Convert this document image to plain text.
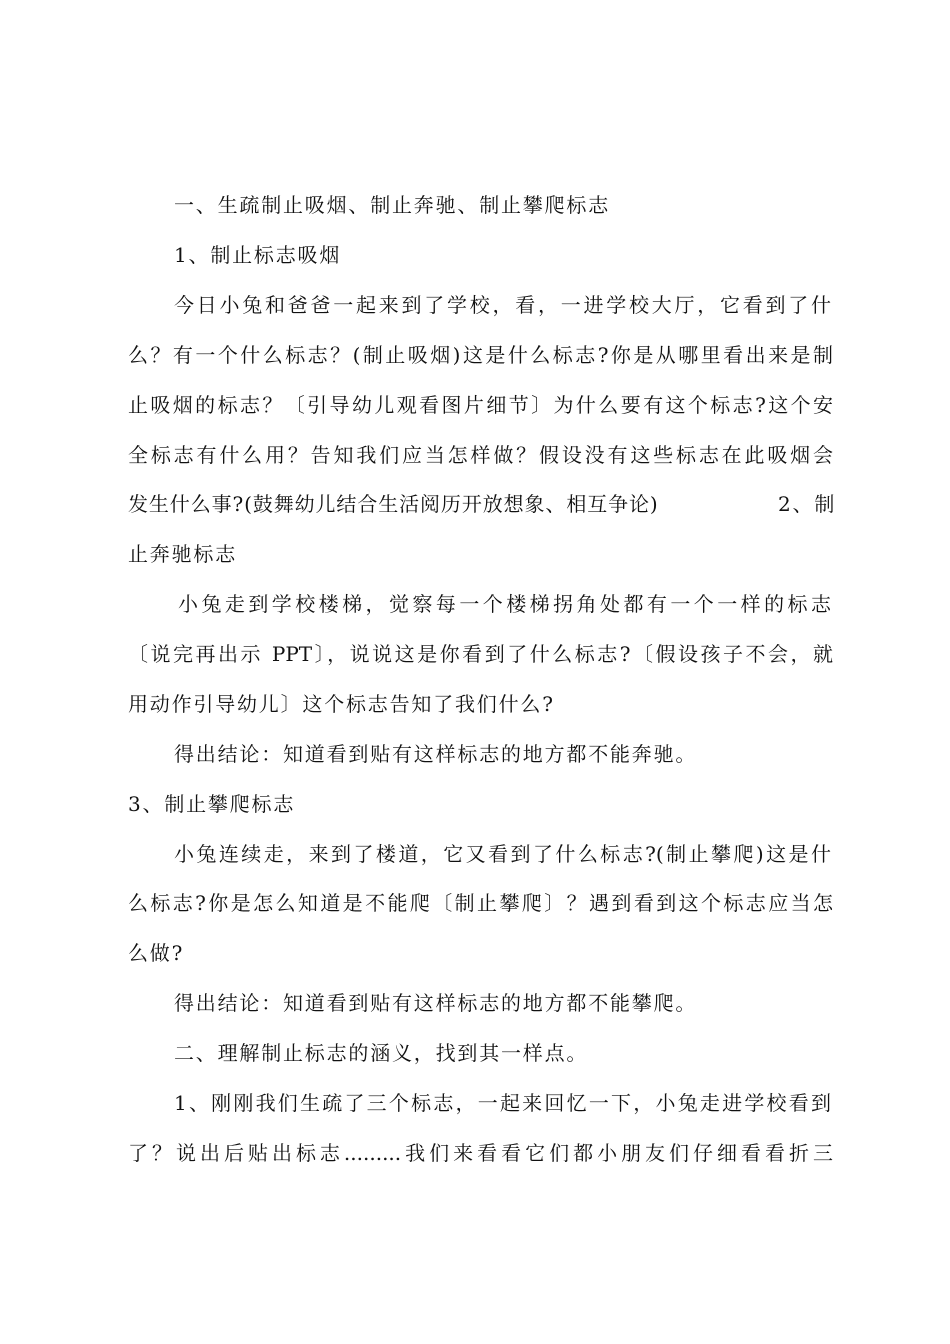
一、生疏制止吸烟、制止奔驰、制止攀爬标志
1、制止标志吸烟
今日小兔和爸爸一起来到了学校，看，一进学校大厅，它看到了什
么？有一个什么标志？(制止吸烟)这是什么标志?你是从哪里看出来是制
止吸烟的标志？〔引导幼儿观看图片细节〕为什么要有这个标志?这个安
全标志有什么用？告知我们应当怎样做？假设没有这些标志在此吸烟会
发生什么事?(鼓舞幼儿结合生活阅历开放想象、相互争论)	2、制
止奔驰标志
小兔走到学校楼梯，觉察每一个楼梯拐角处都有一个一样的标志
〔说完再出示 PPT〕，说说这是你看到了什么标志?〔假设孩子不会，就
用动作引导幼儿〕这个标志告知了我们什么?
得出结论：知道看到贴有这样标志的地方都不能奔驰。
3、制止攀爬标志
小兔连续走，来到了楼道，它又看到了什么标志?(制止攀爬)这是什
么标志?你是怎么知道是不能爬〔制止攀爬〕？遇到看到这个标志应当怎
么做?
得出结论：知道看到贴有这样标志的地方都不能攀爬。
二、理解制止标志的涵义，找到其一样点。
1、刚刚我们生疏了三个标志，一起来回忆一下，小兔走进学校看到
了？说出后贴出标志.........我们来看看它们都小朋友们仔细看看折三
